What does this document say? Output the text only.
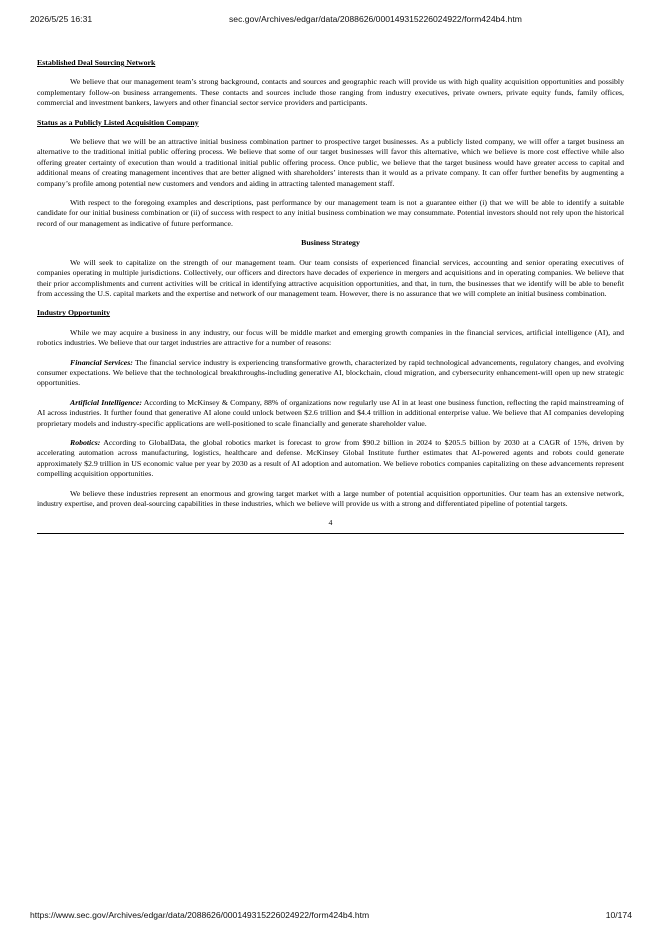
2026/5/25 16:31	sec.gov/Archives/edgar/data/2088626/000149315226024922/form424b4.htm
Established Deal Sourcing Network

We believe that our management team’s strong background, contacts and sources and geographic reach will provide us with high quality acquisition opportunities and possibly complementary follow-on business arrangements. These contacts and sources include those ranging from industry executives, private owners, private equity funds, family offices, commercial and investment bankers, lawyers and other financial sector service providers and participants.

Status as a Publicly Listed Acquisition Company

We believe that we will be an attractive initial business combination partner to prospective target businesses. As a publicly listed company, we will offer a target business an alternative to the traditional initial public offering process. We believe that some of our target businesses will favor this alternative, which we believe is more cost effective while also offering greater certainty of execution than would a traditional initial public offering process. Once public, we believe that the target business would have greater access to capital and additional means of creating management incentives that are better aligned with shareholders’ interests than it would as a private company. It can offer further benefits by augmenting a company’s profile among potential new customers and vendors and aiding in attracting talented management staff.

With respect to the foregoing examples and descriptions, past performance by our management team is not a guarantee either (i) that we will be able to identify a suitable candidate for our initial business combination or (ii) of success with respect to any initial business combination we may consummate. Potential investors should not rely upon the historical record of our management as indicative of future performance.

Business Strategy

We will seek to capitalize on the strength of our management team. Our team consists of experienced financial services, accounting and senior operating executives of companies operating in multiple jurisdictions. Collectively, our officers and directors have decades of experience in mergers and acquisitions and in operating companies. We believe that their prior accomplishments and current activities will be critical in identifying attractive acquisition opportunities, and that, in turn, the businesses that we identify will be able to benefit from accessing the U.S. capital markets and the expertise and network of our management team. However, there is no assurance that we will complete an initial business combination.

Industry Opportunity

While we may acquire a business in any industry, our focus will be middle market and emerging growth companies in the financial services, artificial intelligence (AI), and robotics industries. We believe that our target industries are attractive for a number of reasons:

Financial Services: The financial service industry is experiencing transformative growth, characterized by rapid technological advancements, regulatory changes, and evolving consumer expectations. We believe that the technological breakthroughs-including generative AI, blockchain, cloud migration, and cybersecurity enhancement-will open up new strategic opportunities.

Artificial Intelligence: According to McKinsey & Company, 88% of organizations now regularly use AI in at least one business function, reflecting the rapid mainstreaming of AI across industries. It further found that generative AI alone could unlock between $2.6 trillion and $4.4 trillion in additional enterprise value. We believe that AI companies developing proprietary models and industry-specific applications are well-positioned to scale financially and generate shareholder value.

Robotics: According to GlobalData, the global robotics market is forecast to grow from $90.2 billion in 2024 to $205.5 billion by 2030 at a CAGR of 15%, driven by accelerating automation across manufacturing, logistics, healthcare and defense. McKinsey Global Institute further estimates that AI-powered agents and robots could generate approximately $2.9 trillion in US economic value per year by 2030 as a result of AI adoption and automation. We believe robotics companies capitalizing on these advancements represent compelling acquisition opportunities.

We believe these industries represent an enormous and growing target market with a large number of potential acquisition opportunities. Our team has an extensive network, industry expertise, and proven deal-sourcing capabilities in these industries, which we believe will provide us with a strong and differentiated pipeline of potential targets.

4
https://www.sec.gov/Archives/edgar/data/2088626/000149315226024922/form424b4.htm	10/174
